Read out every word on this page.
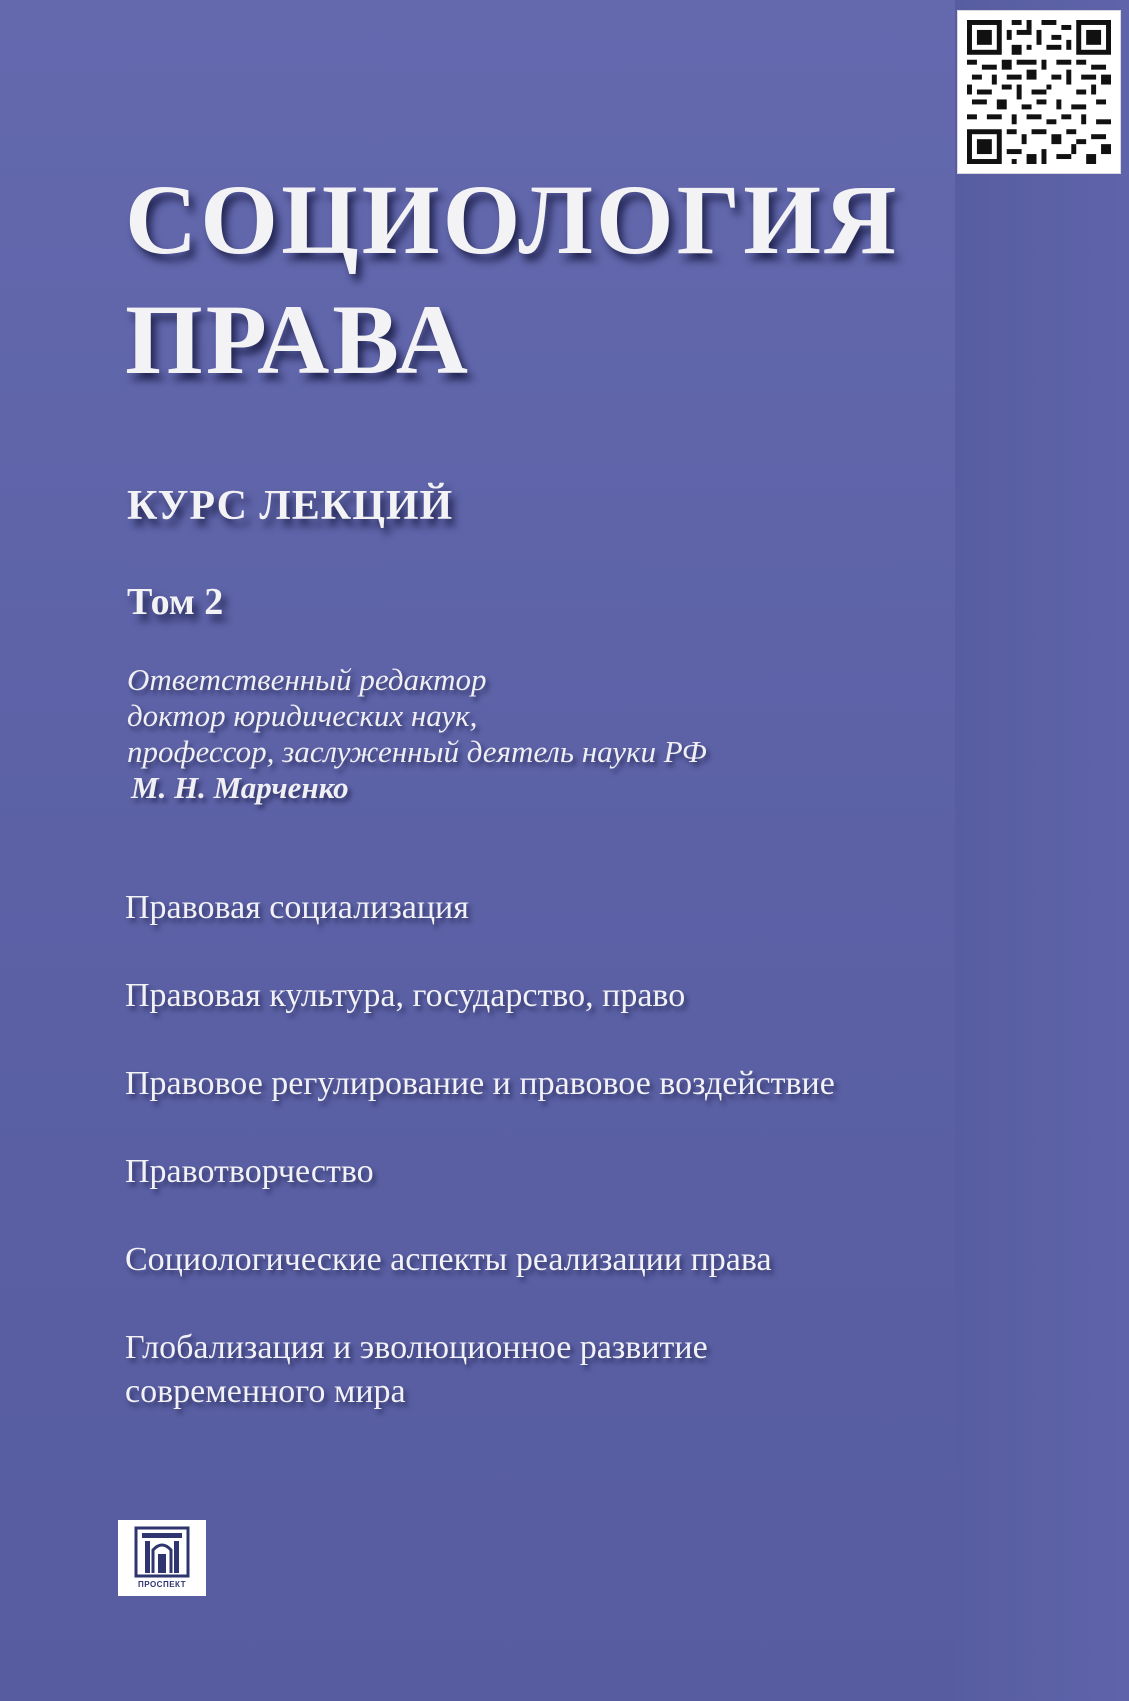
СОЦИОЛОГИЯ
ПРАВА
КУРС ЛЕКЦИЙ
Том 2
Ответственный редактор
доктор юридических наук,
профессор, заслуженный деятель науки РФ
М. Н. Марченко
Правовая социализация
Правовая культура, государство, право
Правовое регулирование и правовое воздействие
Правотворчество
Социологические аспекты реализации права
Глобализация и эволюционное развитие
современного мира
ПРОСПЕКТ
